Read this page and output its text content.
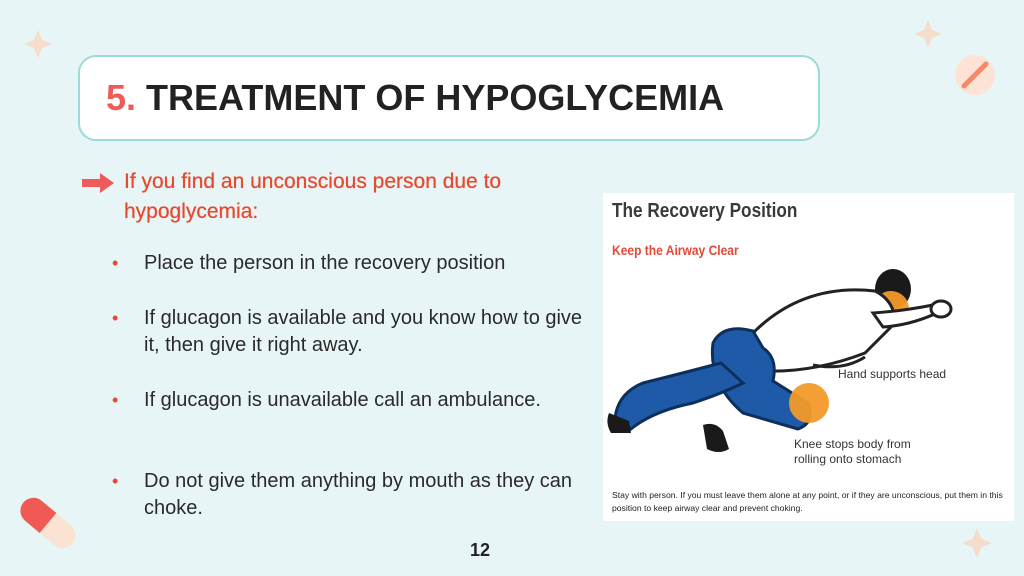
5. TREATMENT OF HYPOGLYCEMIA
If you find an unconscious person due to hypoglycemia:
• Place the person in the recovery position
• If glucagon is available and you know how to give it, then give it right away.
• If glucagon is unavailable call an ambulance.
• Do not give them anything by mouth as they can choke.
The Recovery Position
Keep the Airway Clear
Hand supports head
Knee stops body from rolling onto stomach
Stay with person. If you must leave them alone at any point, or if they are unconscious, put them in this position to keep airway clear and prevent choking.
12
